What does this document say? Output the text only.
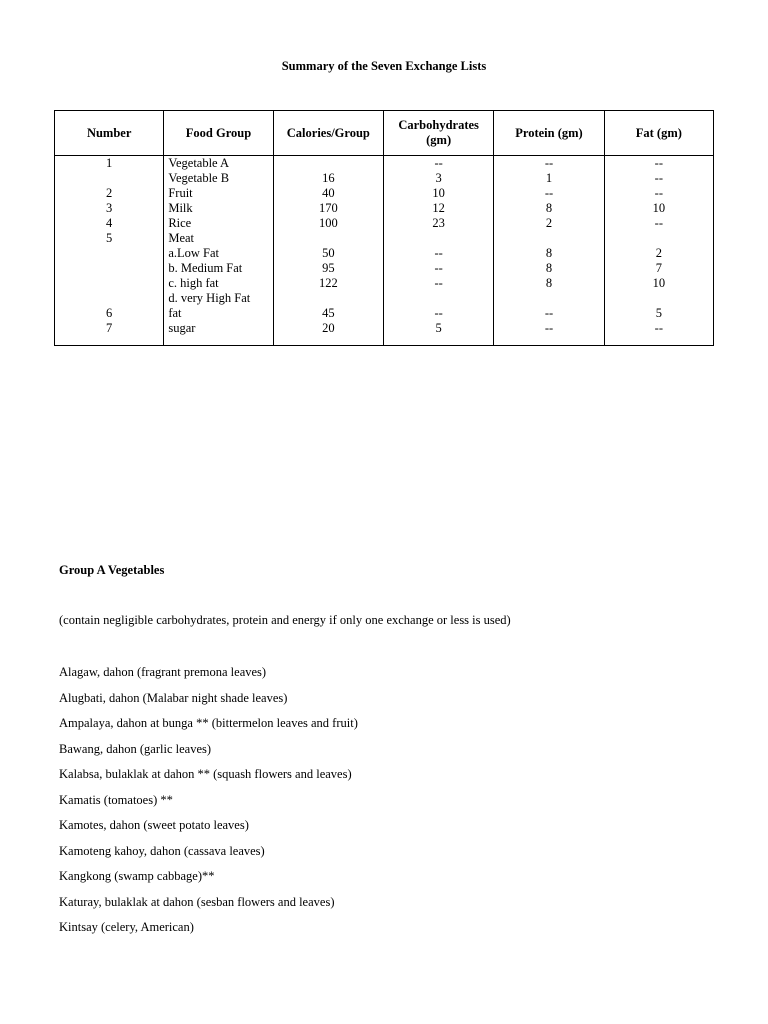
Summary of the Seven Exchange Lists
Number	Food Group	Calories/Group	Carbohydrates (gm)	Protein (gm)	Fat (gm)
1	Vegetable A		--	--	--
	Vegetable B	16	3	1	--
2	Fruit	40	10	--	--
3	Milk	170	12	8	10
4	Rice	100	23	2	--
5	Meat				
	a.Low Fat	50	--	8	2
	b. Medium Fat	95	--	8	7
	c. high fat	122	--	8	10
	d. very High Fat				
6	fat	45	--	--	5
7	sugar	20	5	--	--
Group A Vegetables
(contain negligible carbohydrates, protein and energy if only one exchange or less is used)
Alagaw, dahon (fragrant premona leaves)
Alugbati, dahon (Malabar night shade leaves)
Ampalaya, dahon at bunga ** (bittermelon leaves and fruit)
Bawang, dahon (garlic leaves)
Kalabsa, bulaklak at dahon ** (squash flowers and leaves)
Kamatis (tomatoes) **
Kamotes, dahon (sweet potato leaves)
Kamoteng kahoy, dahon (cassava leaves)
Kangkong (swamp cabbage)**
Katuray, bulaklak at dahon (sesban flowers and leaves)
Kintsay (celery, American)
